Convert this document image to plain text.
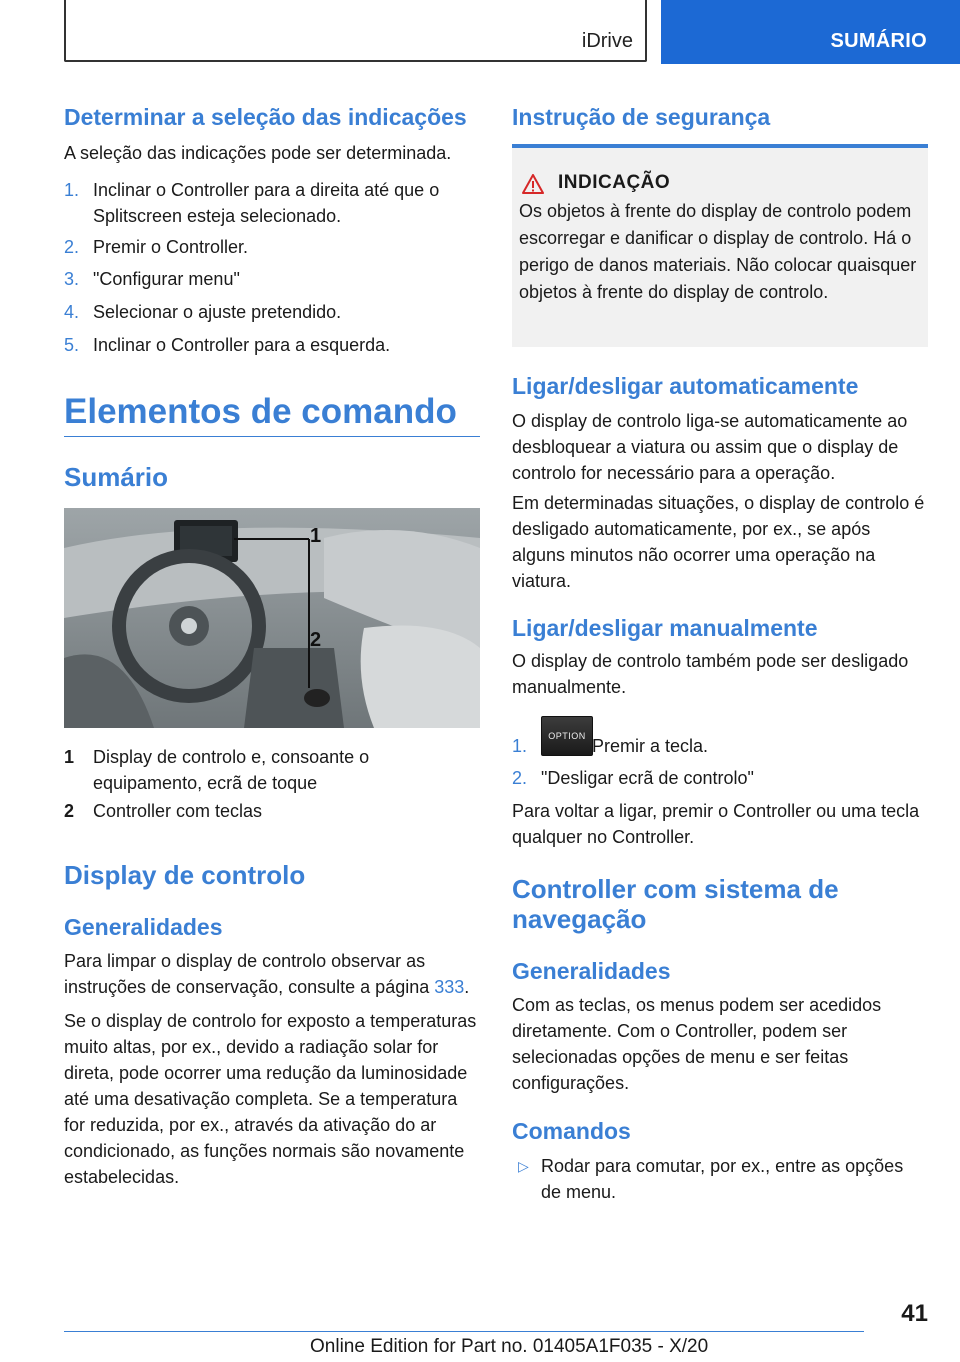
iDrive	SUMÁRIO
Determinar a seleção das indicações

A seleção das indicações pode ser determinada.

1. Inclinar o Controller para a direita até que o Splitscreen esteja selecionado.
2. Premir o Controller.
3. "Configurar menu"
4. Selecionar o ajuste pretendido.
5. Inclinar o Controller para a esquerda.
Elementos de comando
Sumário
1
2
1 Display de controlo e, consoante o equipamento, ecrã de toque
2 Controller com teclas
Display de controlo
Generalidades

Para limpar o display de controlo observar as instruções de conservação, consulte a página 333.

Se o display de controlo for exposto a temperaturas muito altas, por ex., devido a radiação solar for direta, pode ocorrer uma redução da luminosidade até uma desativação completa. Se a temperatura for reduzida, por ex., através da ativação do ar condicionado, as funções normais são novamente estabelecidas.

Instrução de segurança
INDICAÇÃO

Os objetos à frente do display de controlo podem escorregar e danificar o display de controlo. Há o perigo de danos materiais. Não colocar quaisquer objetos à frente do display de controlo.

Ligar/desligar automaticamente

O display de controlo liga-se automaticamente ao desbloquear a viatura ou assim que o display de controlo for necessário para a operação.

Em determinadas situações, o display de controlo é desligado automaticamente, por ex., se após alguns minutos não ocorrer uma operação na viatura.

Ligar/desligar manualmente

O display de controlo também pode ser desligado manualmente.

1.	OPTION Premir a tecla.
2. "Desligar ecrã de controlo"

Para voltar a ligar, premir o Controller ou uma tecla qualquer no Controller.

Controller com sistema de navegação
Generalidades

Com as teclas, os menus podem ser acedidos diretamente. Com o Controller, podem ser selecionadas opções de menu e ser feitas configurações.

Comandos
▷ Rodar para comutar, por ex., entre as opções de menu.
41
Online Edition for Part no. 01405A1F035 - X/20
